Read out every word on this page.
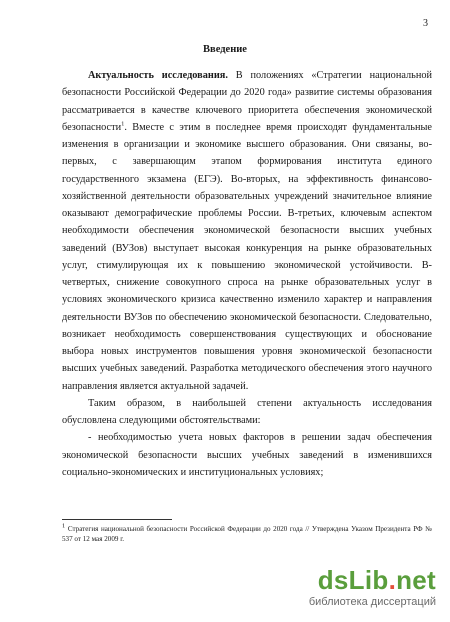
3
Введение

Актуальность исследования. В положениях «Стратегии национальной безопасности Российской Федерации до 2020 года» развитие системы образования рассматривается в качестве ключевого приоритета обеспечения экономической безопасности$^1$. Вместе с этим в последнее время происходят фундаментальные изменения в организации и экономике высшего образования. Они связаны, во-первых, с завершающим этапом формирования института единого государственного экзамена (ЕГЭ). Во-вторых, на эффективность финансово-хозяйственной деятельности образовательных учреждений значительное влияние оказывают демографические проблемы России. В-третьих, ключевым аспектом необходимости обеспечения экономической безопасности высших учебных заведений (ВУЗов) выступает высокая конкуренция на рынке образовательных услуг, стимулирующая их к повышению экономической устойчивости. В-четвертых, снижение совокупного спроса на рынке образовательных услуг в условиях экономического кризиса качественно изменило характер и направления деятельности ВУЗов по обеспечению экономической безопасности. Следовательно, возникает необходимость совершенствования существующих и обоснование выбора новых инструментов повышения уровня экономической безопасности высших учебных заведений. Разработка методического обеспечения этого научного направления является актуальной задачей.

Таким образом, в наибольшей степени актуальность исследования обусловлена следующими обстоятельствами:

- необходимостью учета новых факторов в решении задач обеспечения экономической безопасности высших учебных заведений в изменившихся социально-экономических и институциональных условиях;

$^1$ Стратегия национальной безопасности Российской Федерации до 2020 года // Утверждена Указом Президента РФ № 537 от 12 мая 2009 г.
dsLib.net
библиотека диссертаций
